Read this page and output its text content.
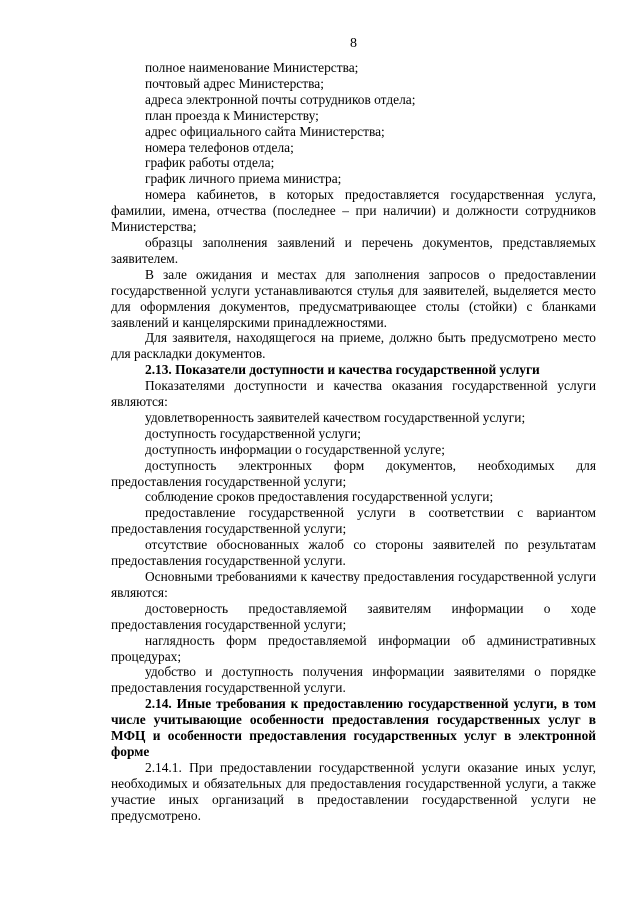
8

полное наименование Министерства;

почтовый адрес Министерства;

адреса электронной почты сотрудников отдела;

план проезда к Министерству;

адрес официального сайта Министерства;

номера телефонов отдела;

график работы отдела;

график личного приема министра;

номера кабинетов, в которых предоставляется государственная услуга, фамилии, имена, отчества (последнее – при наличии) и должности сотрудников Министерства;

образцы заполнения заявлений и перечень документов, представляемых заявителем.

В зале ожидания и местах для заполнения запросов о предоставлении государственной услуги устанавливаются стулья для заявителей, выделяется место для оформления документов, предусматривающее столы (стойки) с бланками заявлений и канцелярскими принадлежностями.

Для заявителя, находящегося на приеме, должно быть предусмотрено место для раскладки документов.

2.13. Показатели доступности и качества государственной услуги

Показателями доступности и качества оказания государственной услуги являются:

удовлетворенность заявителей качеством государственной услуги;

доступность государственной услуги;

доступность информации о государственной услуге;

доступность электронных форм документов, необходимых для предоставления государственной услуги;

соблюдение сроков предоставления государственной услуги;

предоставление государственной услуги в соответствии с вариантом предоставления государственной услуги;

отсутствие обоснованных жалоб со стороны заявителей по результатам предоставления государственной услуги.

Основными требованиями к качеству предоставления государственной услуги являются:

достоверность предоставляемой заявителям информации о ходе предоставления государственной услуги;

наглядность форм предоставляемой информации об административных процедурах;

удобство и доступность получения информации заявителями о порядке предоставления государственной услуги.

2.14. Иные требования к предоставлению государственной услуги, в том числе учитывающие особенности предоставления государственных услуг в МФЦ и особенности предоставления государственных услуг в электронной форме

2.14.1. При предоставлении государственной услуги оказание иных услуг, необходимых и обязательных для предоставления государственной услуги, а также участие иных организаций в предоставлении государственной услуги не предусмотрено.
